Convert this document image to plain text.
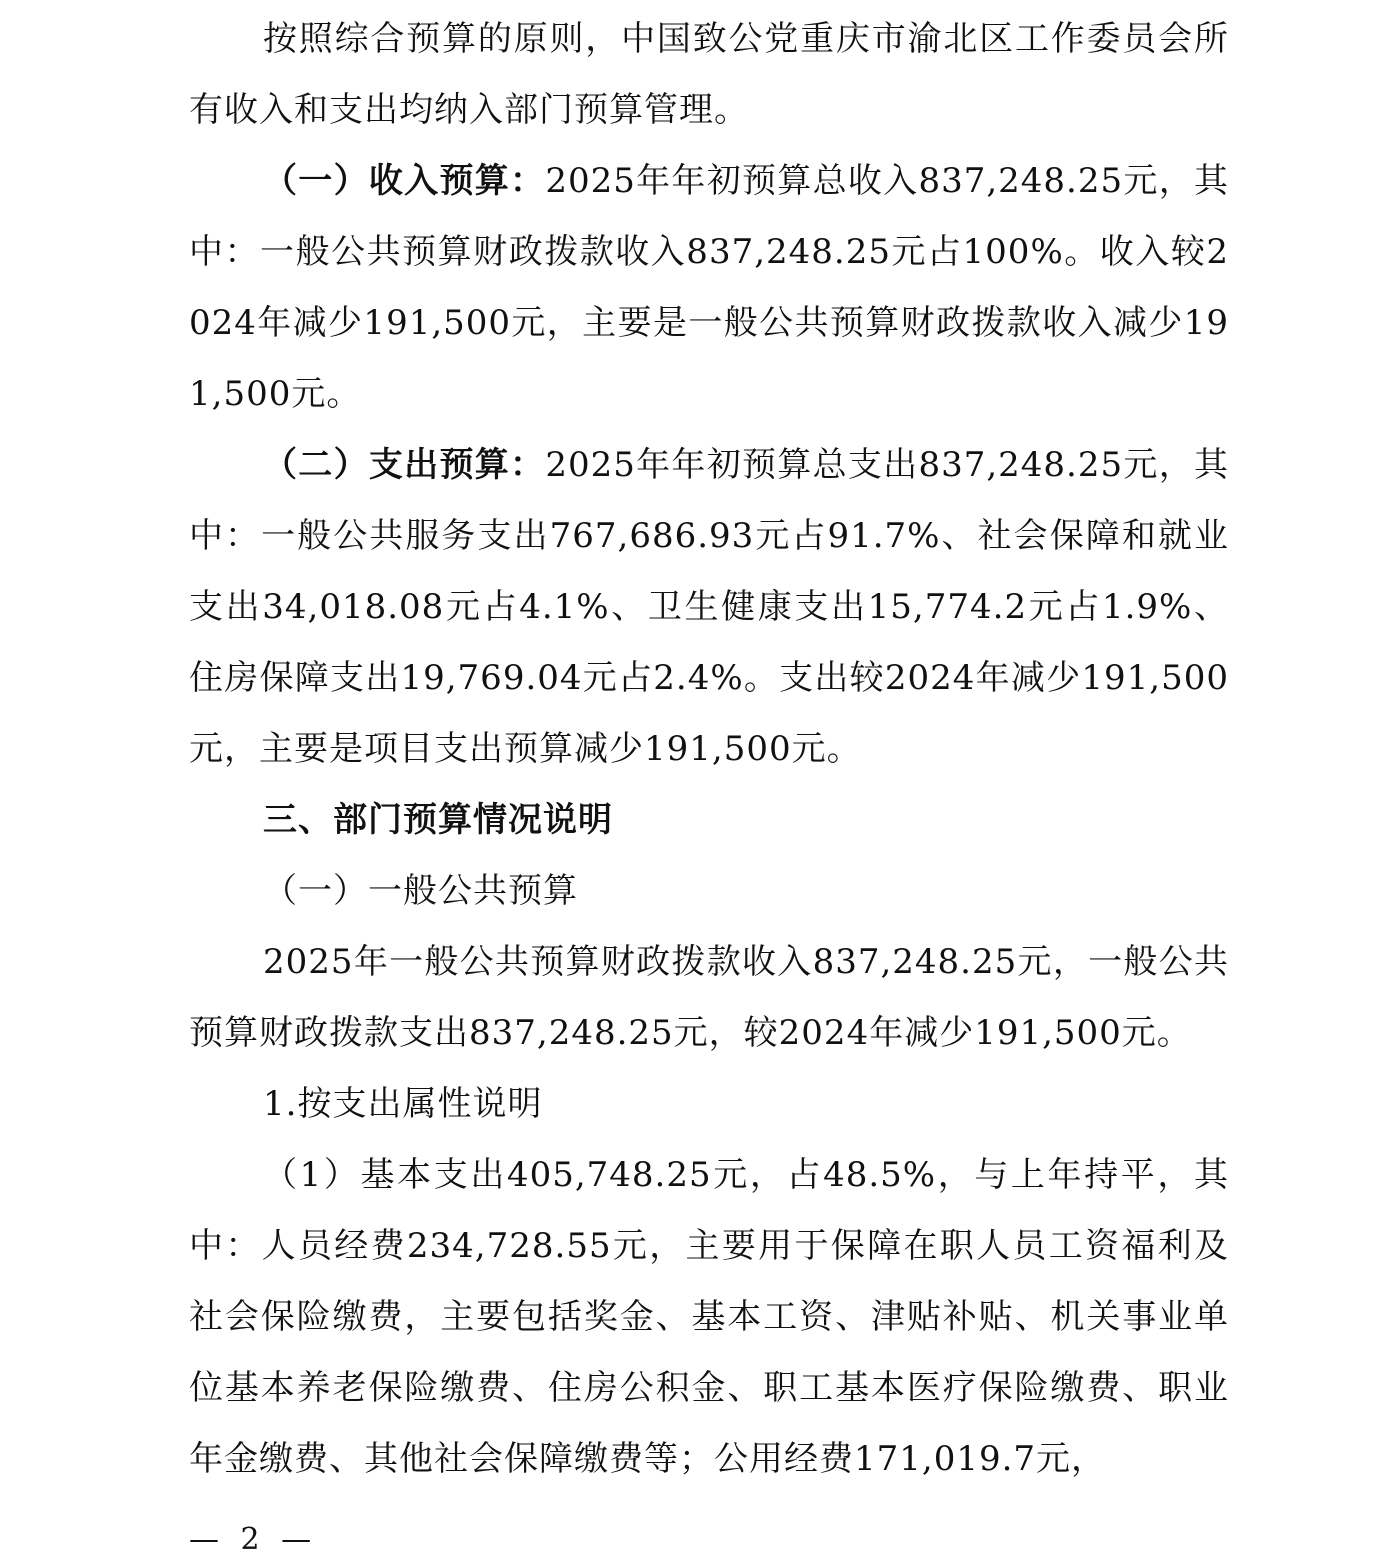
按照综合预算的原则，中国致公党重庆市渝北区工作委员会所有收入和支出均纳入部门预算管理。

（一）收入预算：2025年年初预算总收入837,248.25元，其中：一般公共预算财政拨款收入837,248.25元占100%。收入较2024年减少191,500元，主要是一般公共预算财政拨款收入减少191,500元。

（二）支出预算：2025年年初预算总支出837,248.25元，其中：一般公共服务支出767,686.93元占91.7%、社会保障和就业支出34,018.08元占4.1%、卫生健康支出15,774.2元占1.9%、住房保障支出19,769.04元占2.4%。支出较2024年减少191,500元，主要是项目支出预算减少191,500元。

三、部门预算情况说明

（一）一般公共预算

2025年一般公共预算财政拨款收入837,248.25元，一般公共预算财政拨款支出837,248.25元，较2024年减少191,500元。

1.按支出属性说明

（1）基本支出405,748.25元，占48.5%，与上年持平，其中：人员经费234,728.55元，主要用于保障在职人员工资福利及社会保险缴费，主要包括奖金、基本工资、津贴补贴、机关事业单位基本养老保险缴费、住房公积金、职工基本医疗保险缴费、职业年金缴费、其他社会保障缴费等；公用经费171,019.7元，

— 2 —
